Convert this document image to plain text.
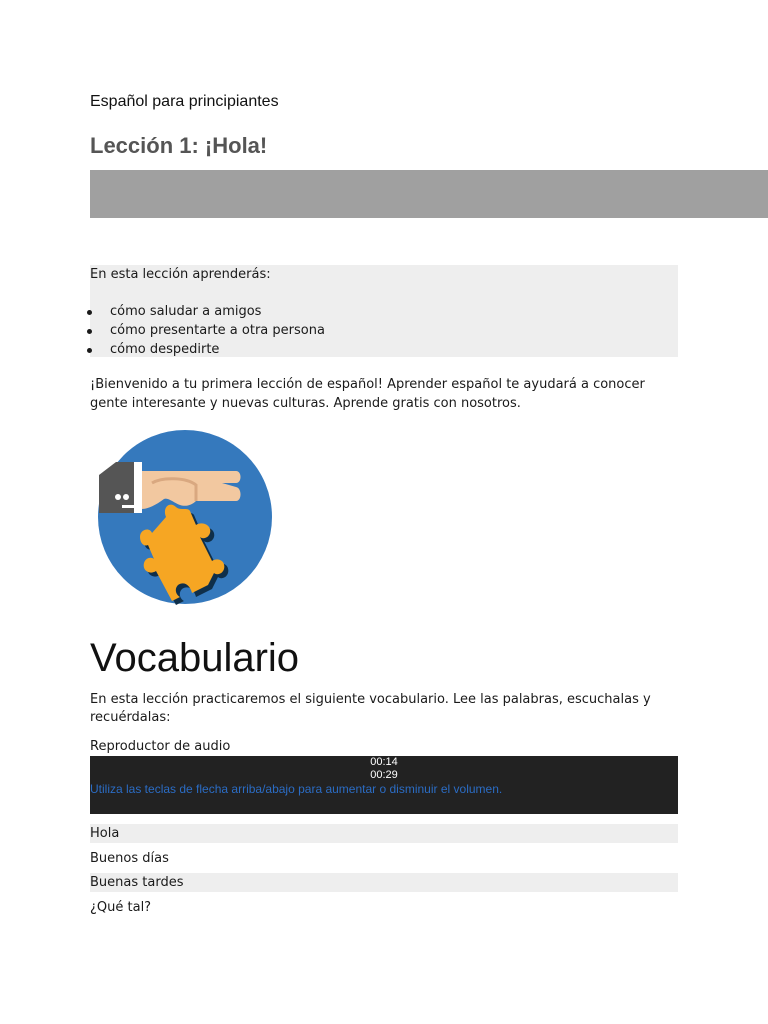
Español para principiantes
Lección 1: ¡Hola!
En esta lección aprenderás:
cómo saludar a amigos
cómo presentarte a otra persona
cómo despedirte
¡Bienvenido a tu primera lección de español! Aprender español te ayudará a conocer gente interesante y nuevas culturas. Aprende gratis con nosotros.
Vocabulario
En esta lección practicaremos el siguiente vocabulario. Lee las palabras, escuchalas y recuérdalas:
Reproductor de audio
00:14
00:29
Utiliza las teclas de flecha arriba/abajo para aumentar o disminuir el volumen.
Hola
Buenos días
Buenas tardes
¿Qué tal?
